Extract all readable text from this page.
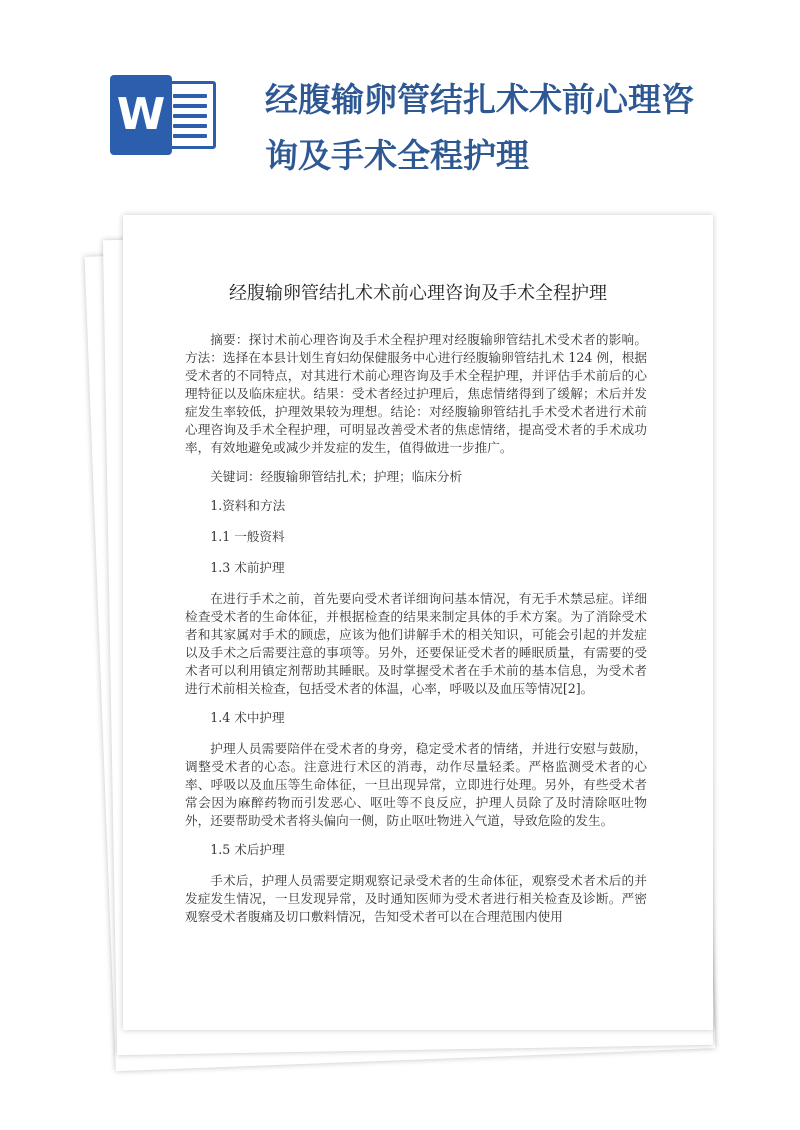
W	经腹输卵管结扎术术前心理咨询及手术全程护理
经腹输卵管结扎术术前心理咨询及手术全程护理

摘要：探讨术前心理咨询及手术全程护理对经腹输卵管结扎术受术者的影响。方法：选择在本县计划生育妇幼保健服务中心进行经腹输卵管结扎术 124 例，根据受术者的不同特点，对其进行术前心理咨询及手术全程护理，并评估手术前后的心理特征以及临床症状。结果：受术者经过护理后，焦虑情绪得到了缓解；术后并发症发生率较低，护理效果较为理想。结论：对经腹输卵管结扎手术受术者进行术前心理咨询及手术全程护理，可明显改善受术者的焦虑情绪，提高受术者的手术成功率，有效地避免或减少并发症的发生，值得做进一步推广。

关键词：经腹输卵管结扎术；护理；临床分析

1.资料和方法
1.1 一般资料
1.3 术前护理

在进行手术之前，首先要向受术者详细询问基本情况，有无手术禁忌症。详细检查受术者的生命体征，并根据检查的结果来制定具体的手术方案。为了消除受术者和其家属对手术的顾虑，应该为他们讲解手术的相关知识，可能会引起的并发症以及手术之后需要注意的事项等。另外，还要保证受术者的睡眠质量，有需要的受术者可以利用镇定剂帮助其睡眠。及时掌握受术者在手术前的基本信息，为受术者进行术前相关检查，包括受术者的体温，心率，呼吸以及血压等情况[2]。

1.4 术中护理

护理人员需要陪伴在受术者的身旁，稳定受术者的情绪，并进行安慰与鼓励，调整受术者的心态。注意进行术区的消毒，动作尽量轻柔。严格监测受术者的心率、呼吸以及血压等生命体征，一旦出现异常，立即进行处理。另外，有些受术者常会因为麻醉药物而引发恶心、呕吐等不良反应，护理人员除了及时清除呕吐物外，还要帮助受术者将头偏向一侧，防止呕吐物进入气道，导致危险的发生。

1.5 术后护理

手术后，护理人员需要定期观察记录受术者的生命体征，观察受术者术后的并发症发生情况，一旦发现异常，及时通知医师为受术者进行相关检查及诊断。严密观察受术者腹痛及切口敷料情况，告知受术者可以在合理范围内使用
